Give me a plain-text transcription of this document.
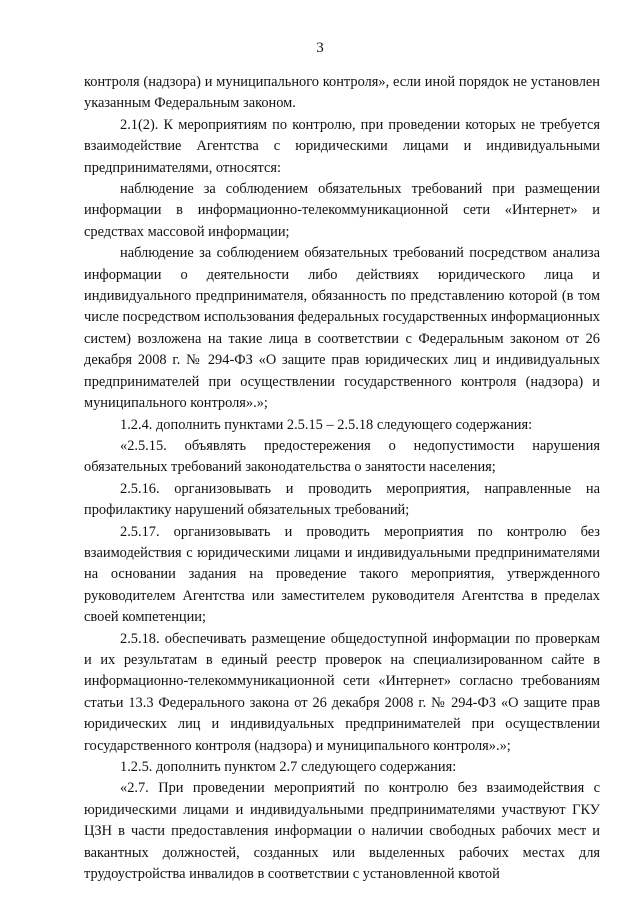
3

контроля (надзора) и муниципального контроля», если иной порядок не установлен указанным Федеральным законом.

2.1(2). К мероприятиям по контролю, при проведении которых не требуется взаимодействие Агентства с юридическими лицами и индивидуальными предпринимателями, относятся:

наблюдение за соблюдением обязательных требований при размещении информации в информационно-телекоммуникационной сети «Интернет» и средствах массовой информации;

наблюдение за соблюдением обязательных требований посредством анализа информации о деятельности либо действиях юридического лица и индивидуального предпринимателя, обязанность по представлению которой (в том числе посредством использования федеральных государственных информационных систем) возложена на такие лица в соответствии с Федеральным законом от 26 декабря 2008 г. № 294-ФЗ «О защите прав юридических лиц и индивидуальных предпринимателей при осуществлении государственного контроля (надзора) и муниципального контроля».»;

1.2.4. дополнить пунктами 2.5.15 – 2.5.18 следующего содержания:

«2.5.15. объявлять предостережения о недопустимости нарушения обязательных требований законодательства о занятости населения;

2.5.16. организовывать и проводить мероприятия, направленные на профилактику нарушений обязательных требований;

2.5.17. организовывать и проводить мероприятия по контролю без взаимодействия с юридическими лицами и индивидуальными предпринимателями на основании задания на проведение такого мероприятия, утвержденного руководителем Агентства или заместителем руководителя Агентства в пределах своей компетенции;

2.5.18. обеспечивать размещение общедоступной информации по проверкам и их результатам в единый реестр проверок на специализированном сайте в информационно-телекоммуникационной сети «Интернет» согласно требованиям статьи 13.3 Федерального закона от 26 декабря 2008 г. № 294-ФЗ «О защите прав юридических лиц и индивидуальных предпринимателей при осуществлении государственного контроля (надзора) и муниципального контроля».»;

1.2.5. дополнить пунктом 2.7 следующего содержания:

«2.7. При проведении мероприятий по контролю без взаимодействия с юридическими лицами и индивидуальными предпринимателями участвуют ГКУ ЦЗН в части предоставления информации о наличии свободных рабочих мест и вакантных должностей, созданных или выделенных рабочих местах для трудоустройства инвалидов в соответствии с установленной квотой
